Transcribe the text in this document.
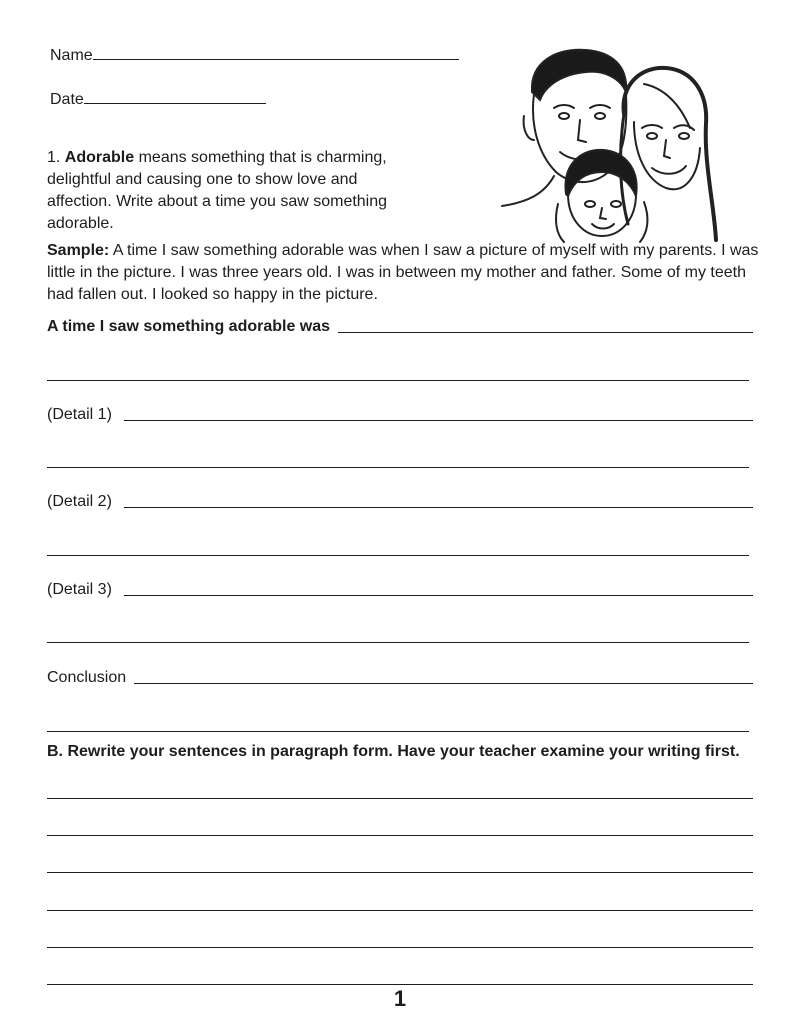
Name
Date
1. Adorable means something that is charming, delightful and causing one to show love and affection. Write about a time you saw something adorable.
Sample: A time I saw something adorable was when I saw a picture of myself with my parents. I was little in the picture. I was three years old. I was in between my mother and father. Some of my teeth had fallen out. I looked so happy in the picture.
A time I saw something adorable was
(Detail 1)
(Detail 2)
(Detail 3)
Conclusion
B. Rewrite your sentences in paragraph form. Have your teacher examine your writing first.
1
